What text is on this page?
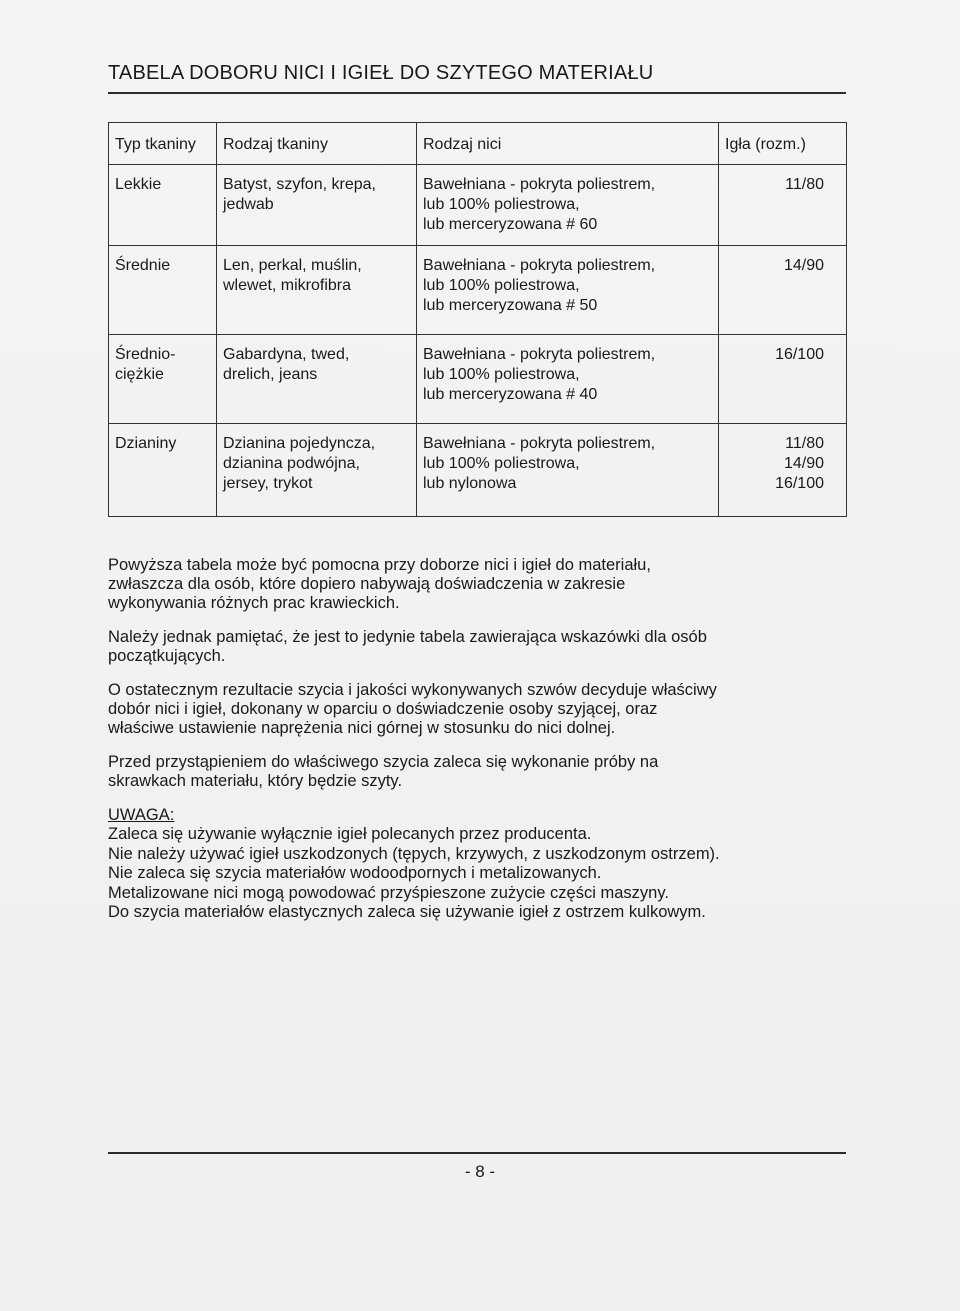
TABELA DOBORU NICI I IGIEŁ DO SZYTEGO MATERIAŁU
Typ tkaniny	Rodzaj tkaniny	Rodzaj nici	Igła (rozm.)

Lekkie	Batyst, szyfon, krepa,
jedwab	Bawełniana - pokryta poliestrem,
lub 100% poliestrowa,
lub merceryzowana # 60	11/80

Średnie	Len, perkal, muślin,
wlewet, mikrofibra	Bawełniana - pokryta poliestrem,
lub 100% poliestrowa,
lub merceryzowana # 50	14/90

Średnio-
ciężkie	Gabardyna, twed,
drelich, jeans	Bawełniana - pokryta poliestrem,
lub 100% poliestrowa,
lub merceryzowana # 40	16/100

Dzianiny	Dzianina pojedyncza,
dzianina podwójna,
jersey, trykot	Bawełniana - pokryta poliestrem,
lub 100% poliestrowa,
lub nylonowa	11/80
14/90
16/100

Powyższa tabela może być pomocna przy doborze nici i igieł do materiału,
zwłaszcza dla osób, które dopiero nabywają doświadczenia w zakresie
wykonywania różnych prac krawieckich.

Należy jednak pamiętać, że jest to jedynie tabela zawierająca wskazówki dla osób
początkujących.

O ostatecznym rezultacie szycia i jakości wykonywanych szwów decyduje właściwy
dobór nici i igieł, dokonany w oparciu o doświadczenie osoby szyjącej, oraz
właściwe ustawienie naprężenia nici górnej w stosunku do nici dolnej.

Przed przystąpieniem do właściwego szycia zaleca się wykonanie próby na
skrawkach materiału, który będzie szyty.

UWAGA:
Zaleca się używanie wyłącznie igieł polecanych przez producenta.
Nie należy używać igieł uszkodzonych (tępych, krzywych, z uszkodzonym ostrzem).
Nie zaleca się szycia materiałów wodoodpornych i metalizowanych.
Metalizowane nici mogą powodować przyśpieszone zużycie części maszyny.
Do szycia materiałów elastycznych zaleca się używanie igieł z ostrzem kulkowym.
- 8 -
